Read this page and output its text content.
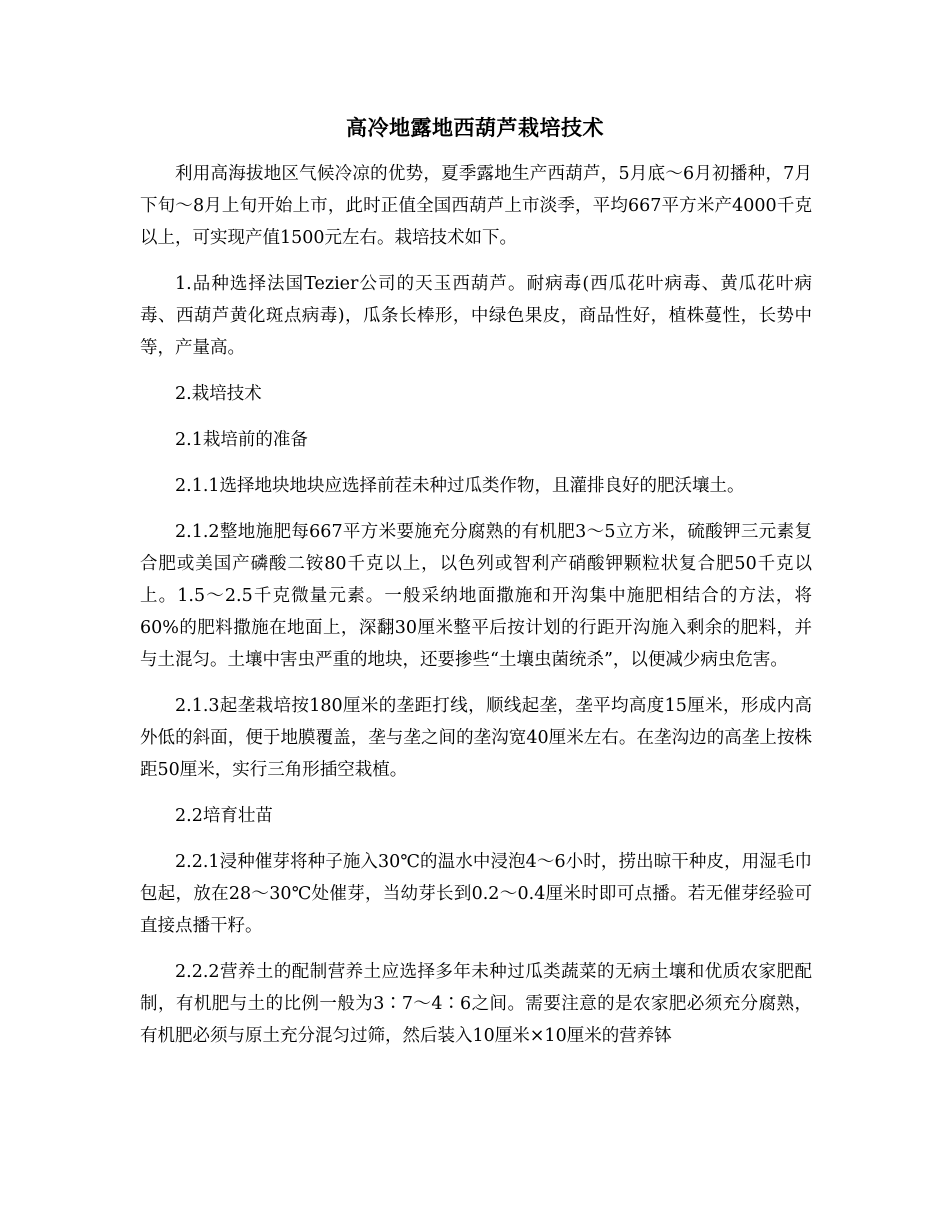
高冷地露地西葫芦栽培技术

利用高海拔地区气候冷凉的优势，夏季露地生产西葫芦，5月底～6月初播种，7月下旬～8月上旬开始上市，此时正值全国西葫芦上市淡季，平均667平方米产4000千克以上，可实现产值1500元左右。栽培技术如下。

1.品种选择法国Tezier公司的天玉西葫芦。耐病毒(西瓜花叶病毒、黄瓜花叶病毒、西葫芦黄化斑点病毒)，瓜条长棒形，中绿色果皮，商品性好，植株蔓性，长势中等，产量高。

2.栽培技术

2.1栽培前的准备

2.1.1选择地块地块应选择前茬未种过瓜类作物，且灌排良好的肥沃壤土。

2.1.2整地施肥每667平方米要施充分腐熟的有机肥3～5立方米，硫酸钾三元素复合肥或美国产磷酸二铵80千克以上，以色列或智利产硝酸钾颗粒状复合肥50千克以上。1.5～2.5千克微量元素。一般采纳地面撒施和开沟集中施肥相结合的方法，将60%的肥料撒施在地面上，深翻30厘米整平后按计划的行距开沟施入剩余的肥料，并与土混匀。土壤中害虫严重的地块，还要掺些“土壤虫菌统杀”，以便减少病虫危害。

2.1.3起垄栽培按180厘米的垄距打线，顺线起垄，垄平均高度15厘米，形成内高外低的斜面，便于地膜覆盖，垄与垄之间的垄沟宽40厘米左右。在垄沟边的高垄上按株距50厘米，实行三角形插空栽植。

2.2培育壮苗

2.2.1浸种催芽将种子施入30℃的温水中浸泡4～6小时，捞出晾干种皮，用湿毛巾包起，放在28～30℃处催芽，当幼芽长到0.2～0.4厘米时即可点播。若无催芽经验可直接点播干籽。

2.2.2营养土的配制营养土应选择多年未种过瓜类蔬菜的无病土壤和优质农家肥配制，有机肥与土的比例一般为3∶7～4∶6之间。需要注意的是农家肥必须充分腐熟，有机肥必须与原土充分混匀过筛，然后装入10厘米×10厘米的营养钵
